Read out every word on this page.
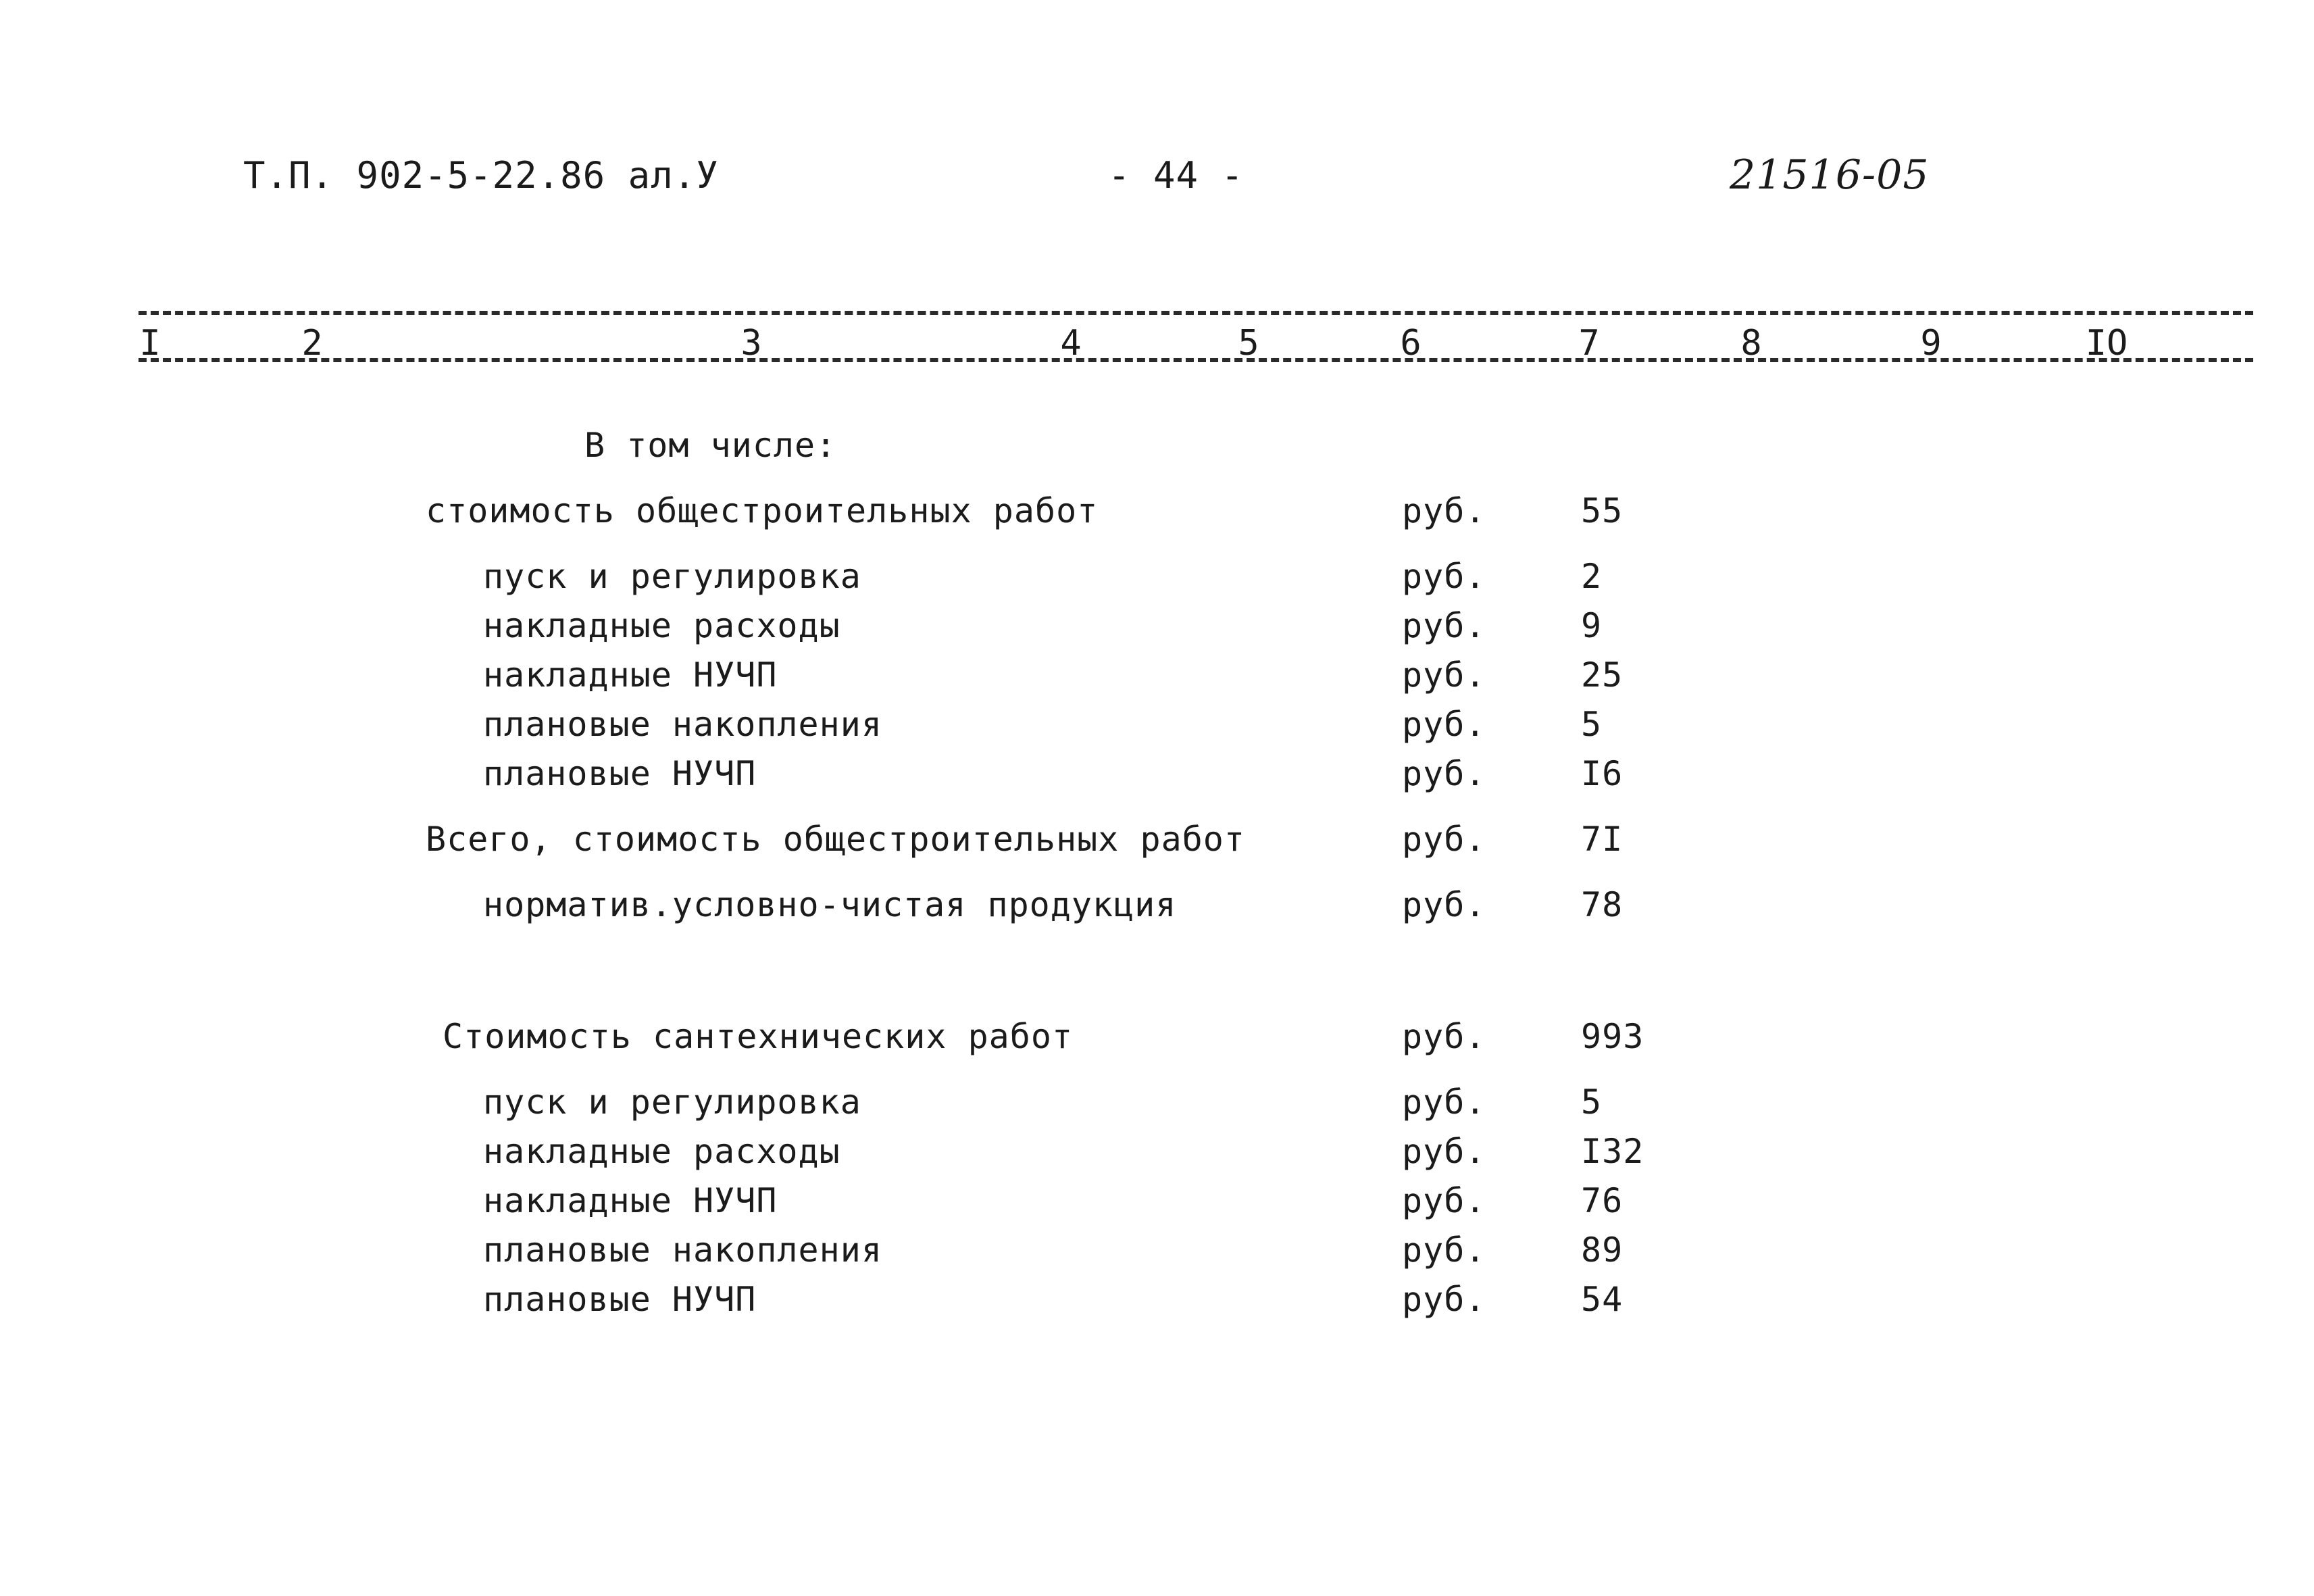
Т.П. 902-5-22.86 ал.У	- 44 -	21516-05
I	2	3	4	5	6	7	8	9	IO
В том числе:
стоимость общестроительных работ	руб.	55
пуск и регулировка	руб.	2
накладные расходы	руб.	9
накладные НУЧП	руб.	25
плановые накопления	руб.	5
плановые НУЧП	руб.	I6
Всего, стоимость общестроительных работ	руб.	7I
норматив.условно-чистая продукция	руб.	78
Стоимость сантехнических работ	руб.	993
пуск и регулировка	руб.	5
накладные расходы	руб.	I32
накладные НУЧП	руб.	76
плановые накопления	руб.	89
плановые НУЧП	руб.	54
